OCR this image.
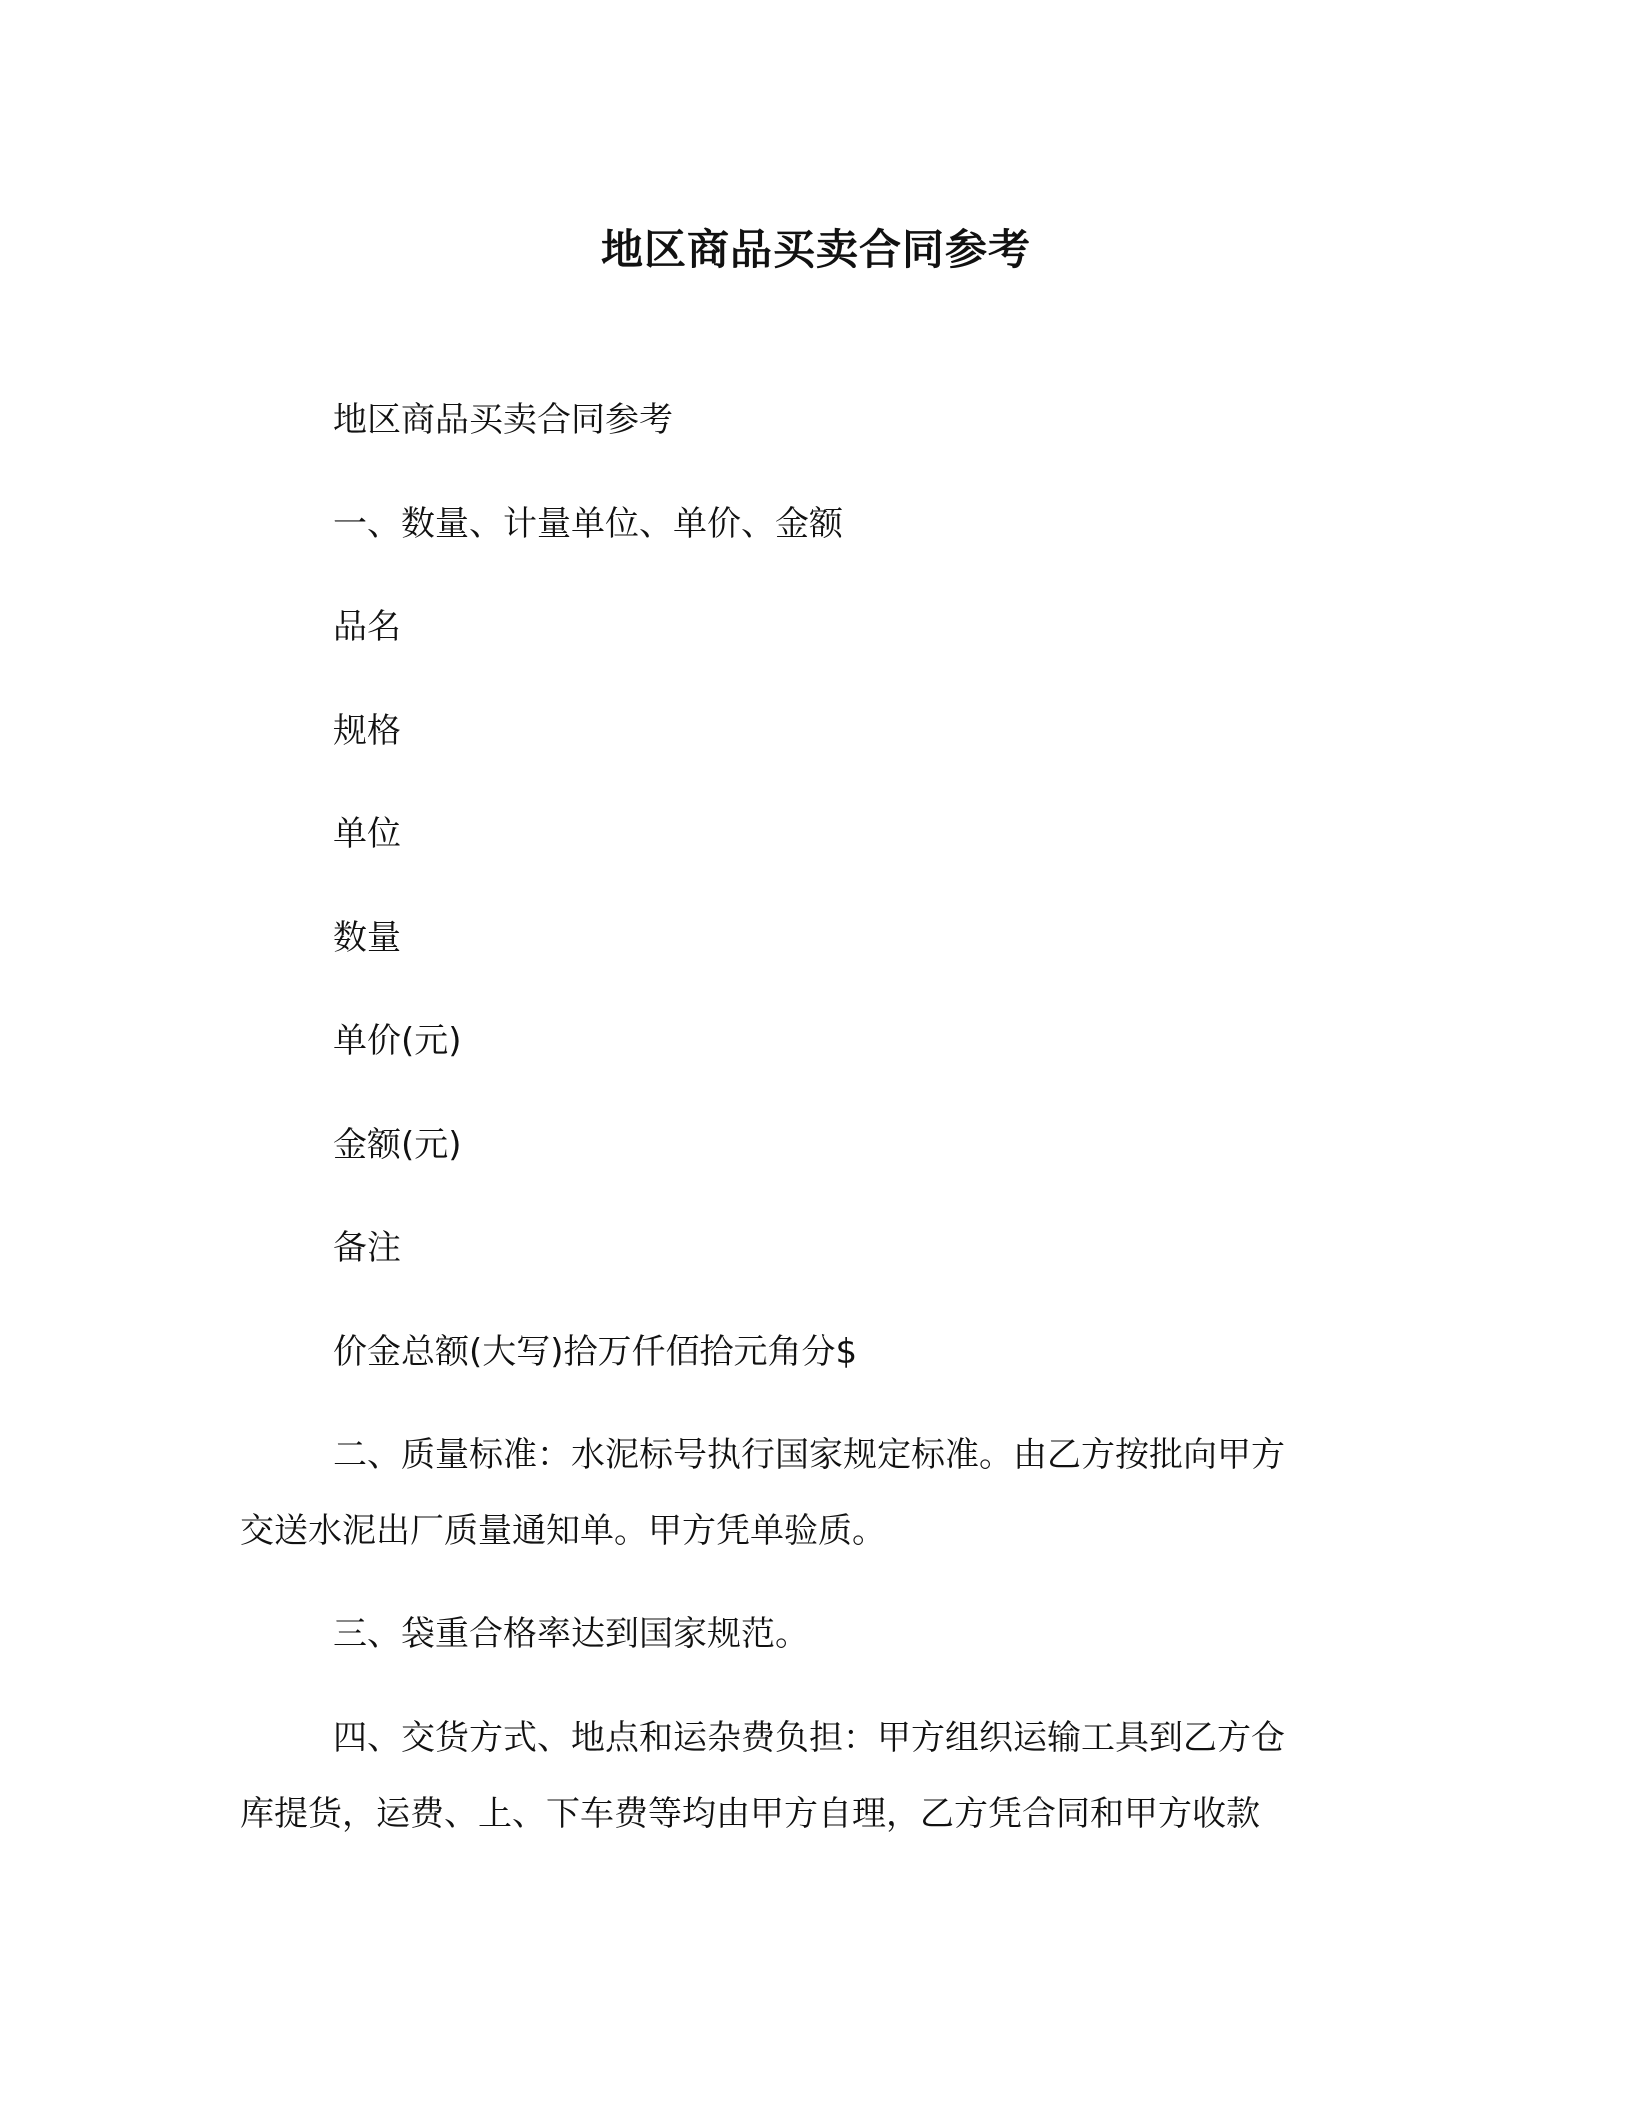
地区商品买卖合同参考
地区商品买卖合同参考
一、数量、计量单位、单价、金额
品名
规格
单位
数量
单价(元)
金额(元)
备注
价金总额(大写)拾万仟佰拾元角分$
二、质量标准：水泥标号执行国家规定标准。由乙方按批向甲方
交送水泥出厂质量通知单。甲方凭单验质。
三、袋重合格率达到国家规范。
四、交货方式、地点和运杂费负担：甲方组织运输工具到乙方仓
库提货，运费、上、下车费等均由甲方自理，乙方凭合同和甲方收款
